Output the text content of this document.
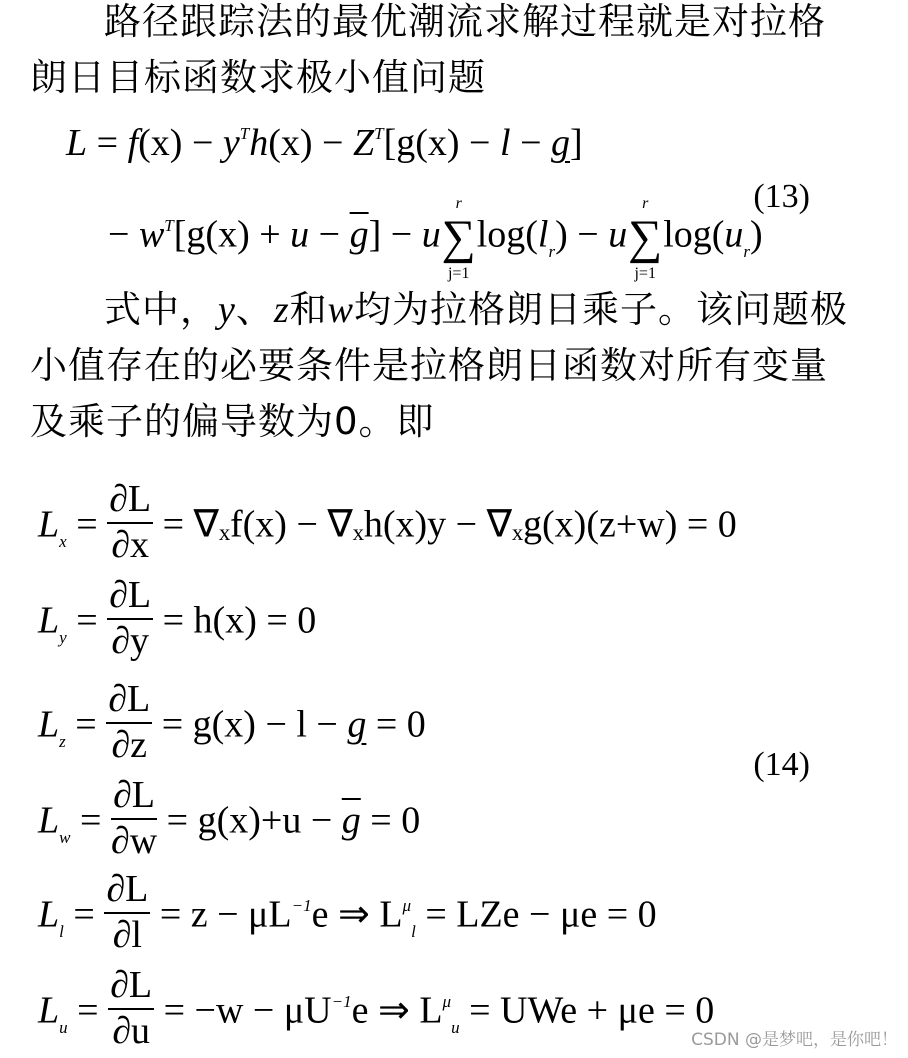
路径跟踪法的最优潮流求解过程就是对拉格
朗日目标函数求极小值问题
$L = f(x) - y^Th(x) - Z^T[g(x) - l - g]$
(13)
− $w^T[g(x) + u - \overline{g}] - u$
r
∑
j=1
$\log(l_r) - u$
r
∑
j=1
$\log(u_r)$
式中，y、z和w均为拉格朗日乘子。该问题极
小值存在的必要条件是拉格朗日函数对所有变量
及乘子的偏导数为0。即
$L_x = \frac{\partial L}{\partial x} = \nabla_xf(x) - \nabla_xh(x)y - \nabla_xg(x)(z+w) = 0$
$L_y = \frac{\partial L}{\partial y} = h(x) = 0$
$L_z = \frac{\partial L}{\partial z} = g(x) - l - g = 0$
(14)
$L_w = \frac{\partial L}{\partial w} = g(x)+u - \overline{g} = 0$
$L_l = \frac{\partial L}{\partial l} = z - \mu L^{-1}e$ ⇒ $L^\mu_l$ = LZe − μe = 0
$L_u = \frac{\partial L}{\partial u} = -w - \mu U^{-1}e$ ⇒ $L^\mu_u$ = UWe + μe = 0
CSDN @是梦吧，是你吧！
